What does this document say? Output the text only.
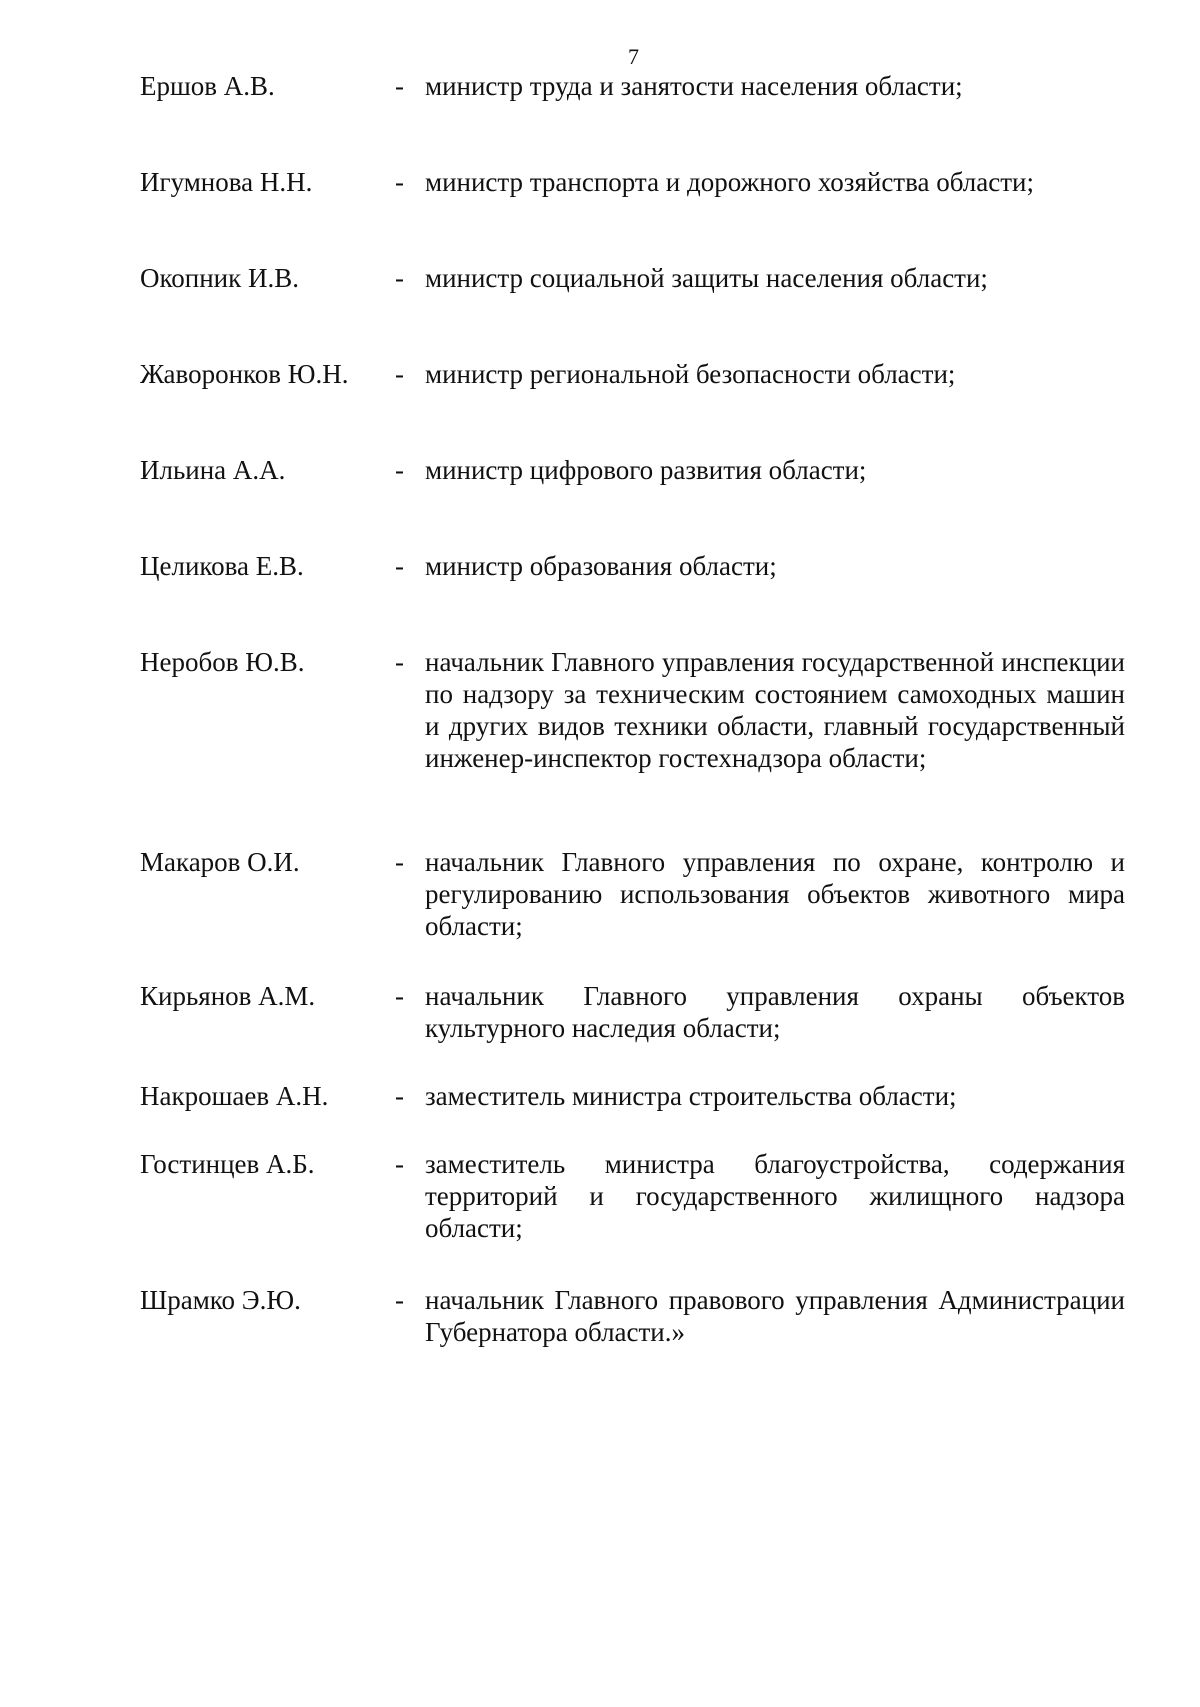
7
Ершов А.В.	- министр труда и занятости населения области;
Игумнова Н.Н.	- министр транспорта и дорожного хозяйства области;
Окопник И.В.	- министр социальной защиты населения области;
Жаворонков Ю.Н. - министр региональной безопасности области;
Ильина А.А.	- министр цифрового развития области;
Целикова Е.В.	- министр образования области;
Неробов Ю.В.	- начальник Главного управления государственной инспекции по надзору за техническим состоянием самоходных машин и других видов техники области, главный государственный инженер-инспектор гостехнадзора области;
Макаров О.И.	- начальник Главного управления по охране, контролю и регулированию использования объектов животного мира области;
Кирьянов А.М.	- начальник Главного управления охраны объектов культурного наследия области;
Накрошаев А.Н. - заместитель министра строительства области;
Гостинцев А.Б.	- заместитель министра благоустройства, содержания территорий и государственного жилищного надзора области;
Шрамко Э.Ю.	- начальник Главного правового управления Администрации Губернатора области.»
